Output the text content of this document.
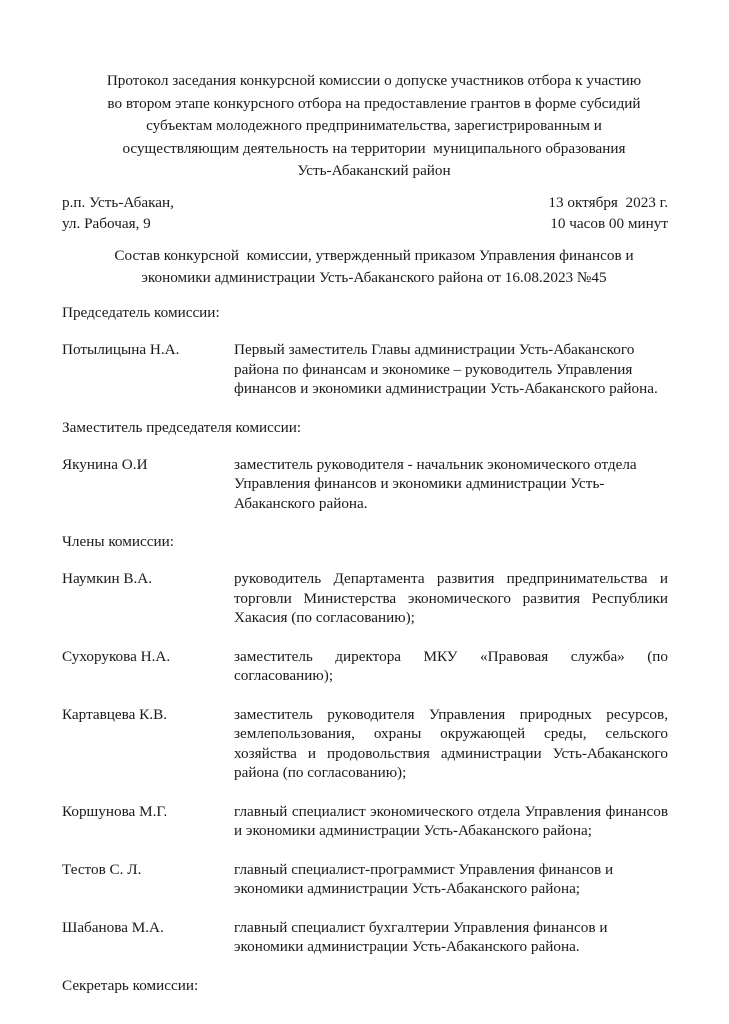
Протокол заседания конкурсной комиссии о допуске участников отбора к участию
во втором этапе конкурсного отбора на предоставление грантов в форме субсидий
субъектам молодежного предпринимательства, зарегистрированным и
осуществляющим деятельность на территории  муниципального образования
Усть-Абаканский район
р.п. Усть-Абакан,	13 октября  2023 г.
ул. Рабочая, 9	10 часов 00 минут
Состав конкурсной  комиссии, утвержденный приказом Управления финансов и
экономики администрации Усть-Абаканского района от 16.08.2023 №45
Председатель комиссии:
Потылицына Н.А.	Первый заместитель Главы администрации Усть-Абаканского района по финансам и экономике – руководитель Управления финансов и экономики администрации Усть-Абаканского района.
Заместитель председателя комиссии:
Якунина О.И	заместитель руководителя - начальник экономического отдела Управления финансов и экономики администрации Усть-Абаканского района.
Члены комиссии:
Наумкин В.А.	руководитель Департамента развития предпринимательства и торговли Министерства экономического развития Республики Хакасия (по согласованию);
Сухорукова Н.А.	заместитель директора МКУ «Правовая служба» (по согласованию);
Картавцева К.В.	заместитель руководителя Управления природных ресурсов, землепользования, охраны окружающей среды, сельского хозяйства и продовольствия администрации Усть-Абаканского района (по согласованию);
Коршунова М.Г.	главный специалист экономического отдела Управления финансов и экономики администрации Усть-Абаканского района;
Тестов С. Л.	главный специалист-программист Управления финансов и экономики администрации Усть-Абаканского района;
Шабанова М.А.	главный специалист бухгалтерии Управления финансов и экономики администрации Усть-Абаканского района.
Секретарь комиссии:
